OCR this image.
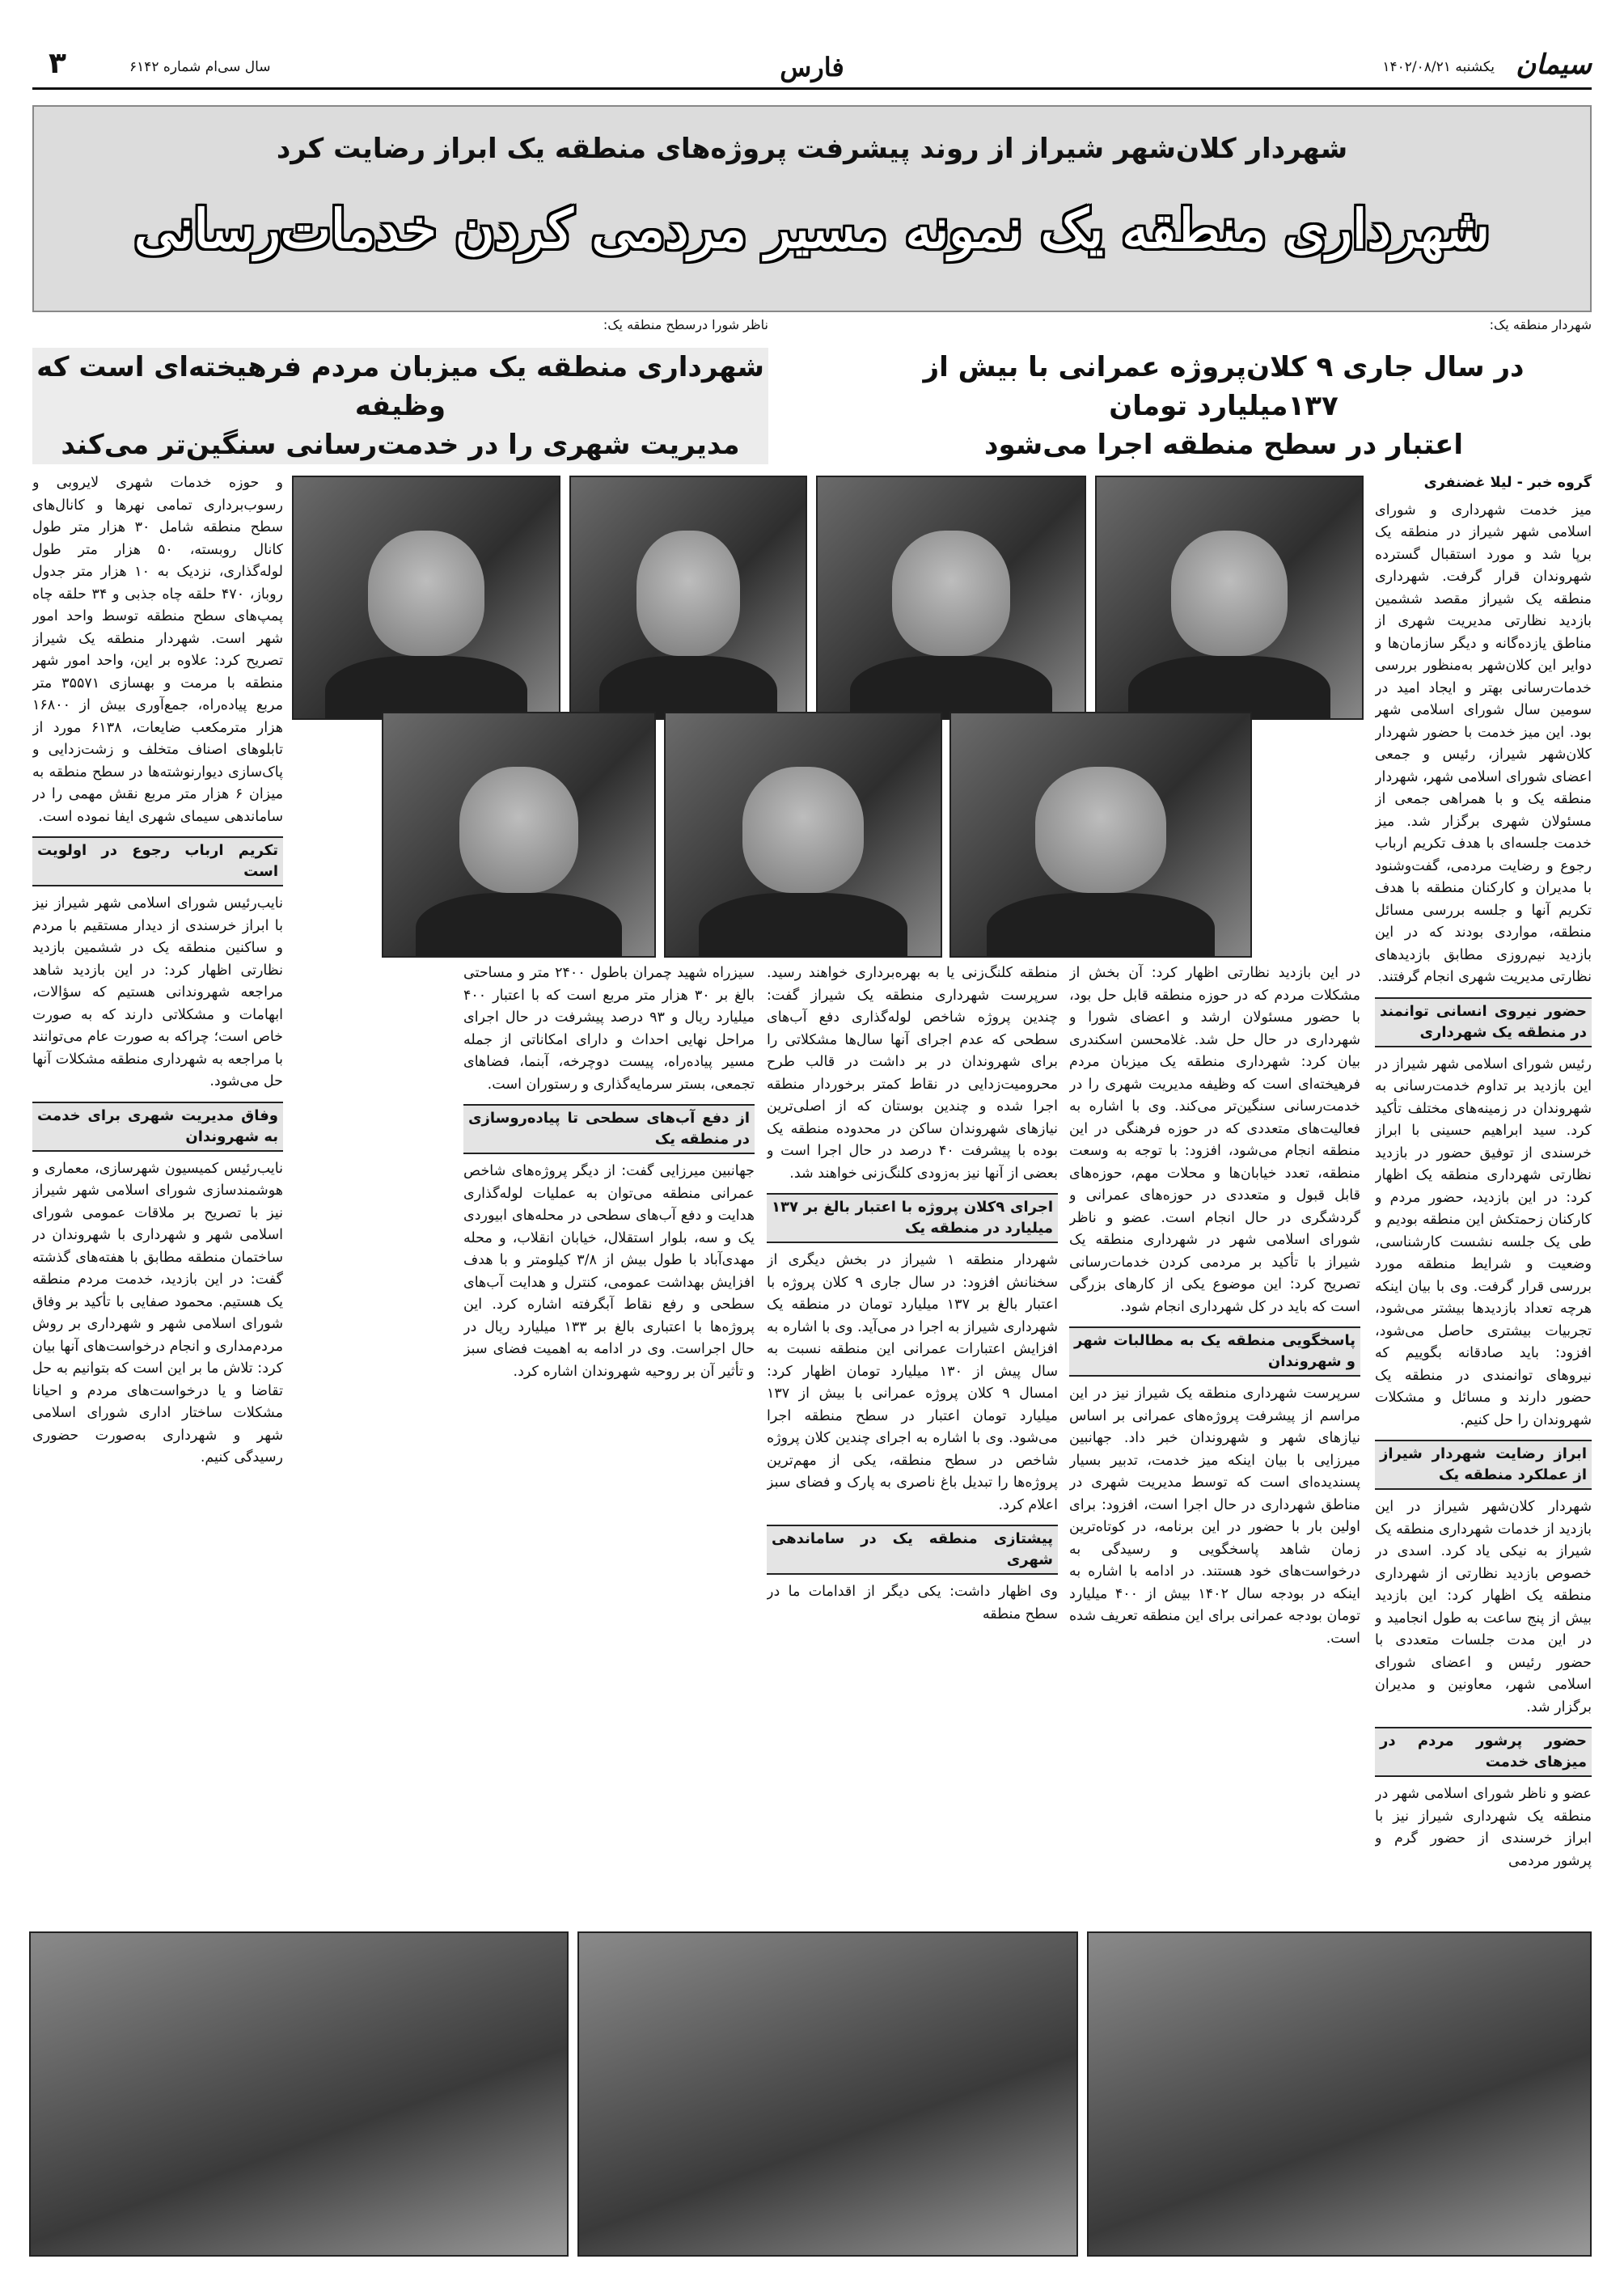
سیمان
یکشنبه ۱۴۰۲/۰۸/۲۱
فارس
سال سی‌ام شماره ۶۱۴۲
۳
شهردار کلان‌شهر شیراز از روند پیشرفت پروژه‌های منطقه یک ابراز رضایت کرد
شهرداری منطقه یک نمونه مسیر مردمی کردن خدمات‌رسانی
شهردار منطقه یک:
در سال جاری ۹ کلان‌پروژه عمرانی با بیش از ۱۳۷میلیارد تومان
اعتبار در سطح منطقه اجرا می‌شود
ناظر شورا درسطح منطقه یک:
شهرداری منطقه یک میزبان مردم فرهیخته‌ای است که وظیفه
مدیریت شهری را در خدمت‌رسانی سنگین‌تر می‌کند

گروه خبر - لیلا غضنفری

میز خدمت شهرداری و شورای اسلامی شهر شیراز در منطقه یک برپا شد و مورد استقبال گسترده شهروندان قرار گرفت. شهرداری منطقه یک شیراز مقصد ششمین بازدید نظارتی مدیریت شهری از مناطق یازده‌گانه و دیگر سازمان‌ها و دوایر این کلان‌شهر به‌منظور بررسی خدمات‌رسانی بهتر و ایجاد امید در سومین سال شورای اسلامی شهر بود. این میز خدمت با حضور شهردار کلان‌شهر شیراز، رئیس و جمعی اعضای شورای اسلامی شهر، شهردار منطقه یک و با همراهی جمعی از مسئولان شهری برگزار شد. میز خدمت جلسه‌ای با هدف تکریم ارباب رجوع و رضایت مردمی، گفت‌وشنود با مدیران و کارکنان منطقه با هدف تکریم آنها و جلسه بررسی مسائل منطقه، مواردی بودند که در این بازدید نیم‌روزی مطابق بازدیدهای نظارتی مدیریت شهری انجام گرفتند.

حضور نیروی انسانی توانمند در منطقه یک شهرداری

رئیس شورای اسلامی شهر شیراز در این بازدید بر تداوم خدمت‌رسانی به شهروندان در زمینه‌های مختلف تأکید کرد. سید ابراهیم حسینی با ابراز خرسندی از توفیق حضور در بازدید نظارتی شهرداری منطقه یک اظهار کرد: در این بازدید، حضور مردم و کارکنان زحمتکش این منطقه بودیم و طی یک جلسه نشست کارشناسی، وضعیت و شرایط منطقه مورد بررسی قرار گرفت. وی با بیان اینکه هرچه تعداد بازدیدها بیشتر می‌شود، تجربیات بیشتری حاصل می‌شود، افزود: باید صادقانه بگوییم که نیروهای توانمندی در منطقه یک حضور دارند و مسائل و مشکلات شهروندان را حل کنیم.

ابراز رضایت شهردار شیراز از عملکرد منطقه یک

شهردار کلان‌شهر شیراز در این بازدید از خدمات شهرداری منطقه یک شیراز به نیکی یاد کرد. اسدی در خصوص بازدید نظارتی از شهرداری منطقه یک اظهار کرد: این بازدید بیش از پنج ساعت به طول انجامید و در این مدت جلسات متعددی با حضور رئیس و اعضای شورای اسلامی شهر، معاونین و مدیران برگزار شد.

حضور پرشور مردم در میزهای خدمت

عضو و ناظر شورای اسلامی شهر در منطقه یک شهرداری شیراز نیز با ابراز خرسندی از حضور گرم و پرشور مردمی

در این بازدید نظارتی اظهار کرد: آن بخش از مشکلات مردم که در حوزه منطقه قابل حل بود، با حضور مسئولان ارشد و اعضای شورا و شهرداری در حال حل شد. غلامحسن اسکندری بیان کرد: شهرداری منطقه یک میزبان مردم فرهیخته‌ای است که وظیفه مدیریت شهری را در خدمت‌رسانی سنگین‌تر می‌کند. وی با اشاره به فعالیت‌های متعددی که در حوزه فرهنگی در این منطقه انجام می‌شود، افزود: با توجه به وسعت منطقه، تعدد خیابان‌ها و محلات مهم، حوزه‌های قابل قبول و متعددی در حوزه‌های عمرانی و گردشگری در حال انجام است. عضو و ناظر شورای اسلامی شهر در شهرداری منطقه یک شیراز با تأکید بر مردمی کردن خدمات‌رسانی تصریح کرد: این موضوع یکی از کارهای بزرگی است که باید در کل شهرداری انجام شود.

پاسخگویی منطقه یک به مطالبات شهر و شهروندان

سرپرست شهرداری منطقه یک شیراز نیز در این مراسم از پیشرفت پروژه‌های عمرانی بر اساس نیازهای شهر و شهروندان خبر داد. جهانبین میرزایی با بیان اینکه میز خدمت، تدبیر بسیار پسندیده‌ای است که توسط مدیریت شهری در مناطق شهرداری در حال اجرا است، افزود: برای اولین بار با حضور در این برنامه، در کوتاه‌ترین زمان شاهد پاسخگویی و رسیدگی به درخواست‌های خود هستند. در ادامه با اشاره به اینکه در بودجه سال ۱۴۰۲ بیش از ۴۰۰ میلیارد تومان بودجه عمرانی برای این منطقه تعریف شده است.

منطقه کلنگ‌زنی یا به بهره‌برداری خواهند رسید. سرپرست شهرداری منطقه یک شیراز گفت: چندین پروژه شاخص لوله‌گذاری دفع آب‌های سطحی که عدم اجرای آنها سال‌ها مشکلاتی را برای شهروندان در بر داشت در قالب طرح محرومیت‌زدایی در نقاط کمتر برخوردار منطقه اجرا شده و چندین بوستان که از اصلی‌ترین نیازهای شهروندان ساکن در محدوده منطقه یک بوده با پیشرفت ۴۰ درصد در حال اجرا است و بعضی از آنها نیز به‌زودی کلنگ‌زنی خواهند شد.

اجرای ۹کلان پروژه با اعتبار بالغ بر ۱۳۷ میلیارد در منطقه یک

شهردار منطقه ۱ شیراز در بخش دیگری از سخنانش افزود: در سال جاری ۹ کلان پروژه با اعتبار بالغ بر ۱۳۷ میلیارد تومان در منطقه یک شهرداری شیراز به اجرا در می‌آید. وی با اشاره به افزایش اعتبارات عمرانی این منطقه نسبت به سال پیش از ۱۳۰ میلیارد تومان اظهار کرد: امسال ۹ کلان پروژه عمرانی با بیش از ۱۳۷ میلیارد تومان اعتبار در سطح منطقه اجرا می‌شود. وی با اشاره به اجرای چندین کلان پروژه شاخص در سطح منطقه، یکی از مهم‌ترین پروژه‌ها را تبدیل باغ ناصری به پارک و فضای سبز اعلام کرد.

پیشتازی منطقه یک در ساماندهی شهری

وی اظهار داشت: یکی دیگر از اقدامات ما در سطح منطقه

سیزراه شهید چمران باطول ۲۴۰۰ متر و مساحتی بالغ بر ۳۰ هزار متر مربع است که با اعتبار ۴۰۰ میلیارد ریال و ۹۳ درصد پیشرفت در حال اجرای مراحل نهایی احداث و دارای امکاناتی از جمله مسیر پیاده‌راه، پیست دوچرخه، آبنما، فضاهای تجمعی، بستر سرمایه‌گذاری و رستوران است.

از دفع آب‌های سطحی تا پیاده‌روسازی در منطقه یک

جهانبین میرزایی گفت: از دیگر پروژه‌های شاخص عمرانی منطقه می‌توان به عملیات لوله‌گذاری هدایت و دفع آب‌های سطحی در محله‌های ابیوردی یک و سه، بلوار استقلال، خیابان انقلاب، و محله مهدی‌آباد با طول بیش از ۳/۸ کیلومتر و با هدف افزایش بهداشت عمومی، کنترل و هدایت آب‌های سطحی و رفع نقاط آبگرفته اشاره کرد. این پروژه‌ها با اعتباری بالغ بر ۱۳۳ میلیارد ریال در حال اجراست. وی در ادامه به اهمیت فضای سبز و تأثیر آن بر روحیه شهروندان اشاره کرد.

و حوزه خدمات شهری لایروبی و رسوب‌برداری تمامی نهرها و کانال‌های سطح منطقه شامل ۳۰ هزار متر طول کانال روبسته، ۵۰ هزار متر طول لوله‌گذاری، نزدیک به ۱۰ هزار متر جدول روباز، ۴۷۰ حلقه چاه جذبی و ۳۴ حلقه چاه پمپ‌های سطح منطقه توسط واحد امور شهر است. شهردار منطقه یک شیراز تصریح کرد: علاوه بر این، واحد امور شهر منطقه با مرمت و بهسازی ۳۵۵۷۱ متر مربع پیاده‌راه، جمع‌آوری بیش از ۱۶۸۰۰ هزار مترمکعب ضایعات، ۶۱۳۸ مورد از تابلوهای اصناف متخلف و زشت‌زدایی و پاک‌سازی دیوارنوشته‌ها در سطح منطقه به میزان ۶ هزار متر مربع نقش مهمی را در ساماندهی سیمای شهری ایفا نموده است.

تکریم ارباب رجوع در اولویت است

نایب‌رئیس شورای اسلامی شهر شیراز نیز با ابراز خرسندی از دیدار مستقیم با مردم و ساکنین منطقه یک در ششمین بازدید نظارتی اظهار کرد: در این بازدید شاهد مراجعه شهروندانی هستیم که سؤالات، ابهامات و مشکلاتی دارند که به صورت خاص است؛ چراکه به صورت عام می‌توانند با مراجعه به شهرداری منطقه مشکلات آنها حل می‌شود.

وفاق مدیریت شهری برای خدمت به شهروندان

نایب‌رئیس کمیسیون شهرسازی، معماری و هوشمندسازی شورای اسلامی شهر شیراز نیز با تصریح بر ملاقات عمومی شورای اسلامی شهر و شهرداری با شهروندان در ساختمان منطقه مطابق با هفته‌های گذشته گفت: در این بازدید، خدمت مردم منطقه یک هستیم. محمود صفایی با تأکید بر وفاق شورای اسلامی شهر و شهرداری بر روش مردم‌مداری و انجام درخواست‌های آنها بیان کرد: تلاش ما بر این است که بتوانیم به حل تقاضا و یا درخواست‌های مردم و احیانا مشکلات ساختار اداری شورای اسلامی شهر و شهرداری به‌صورت حضوری رسیدگی کنیم.
